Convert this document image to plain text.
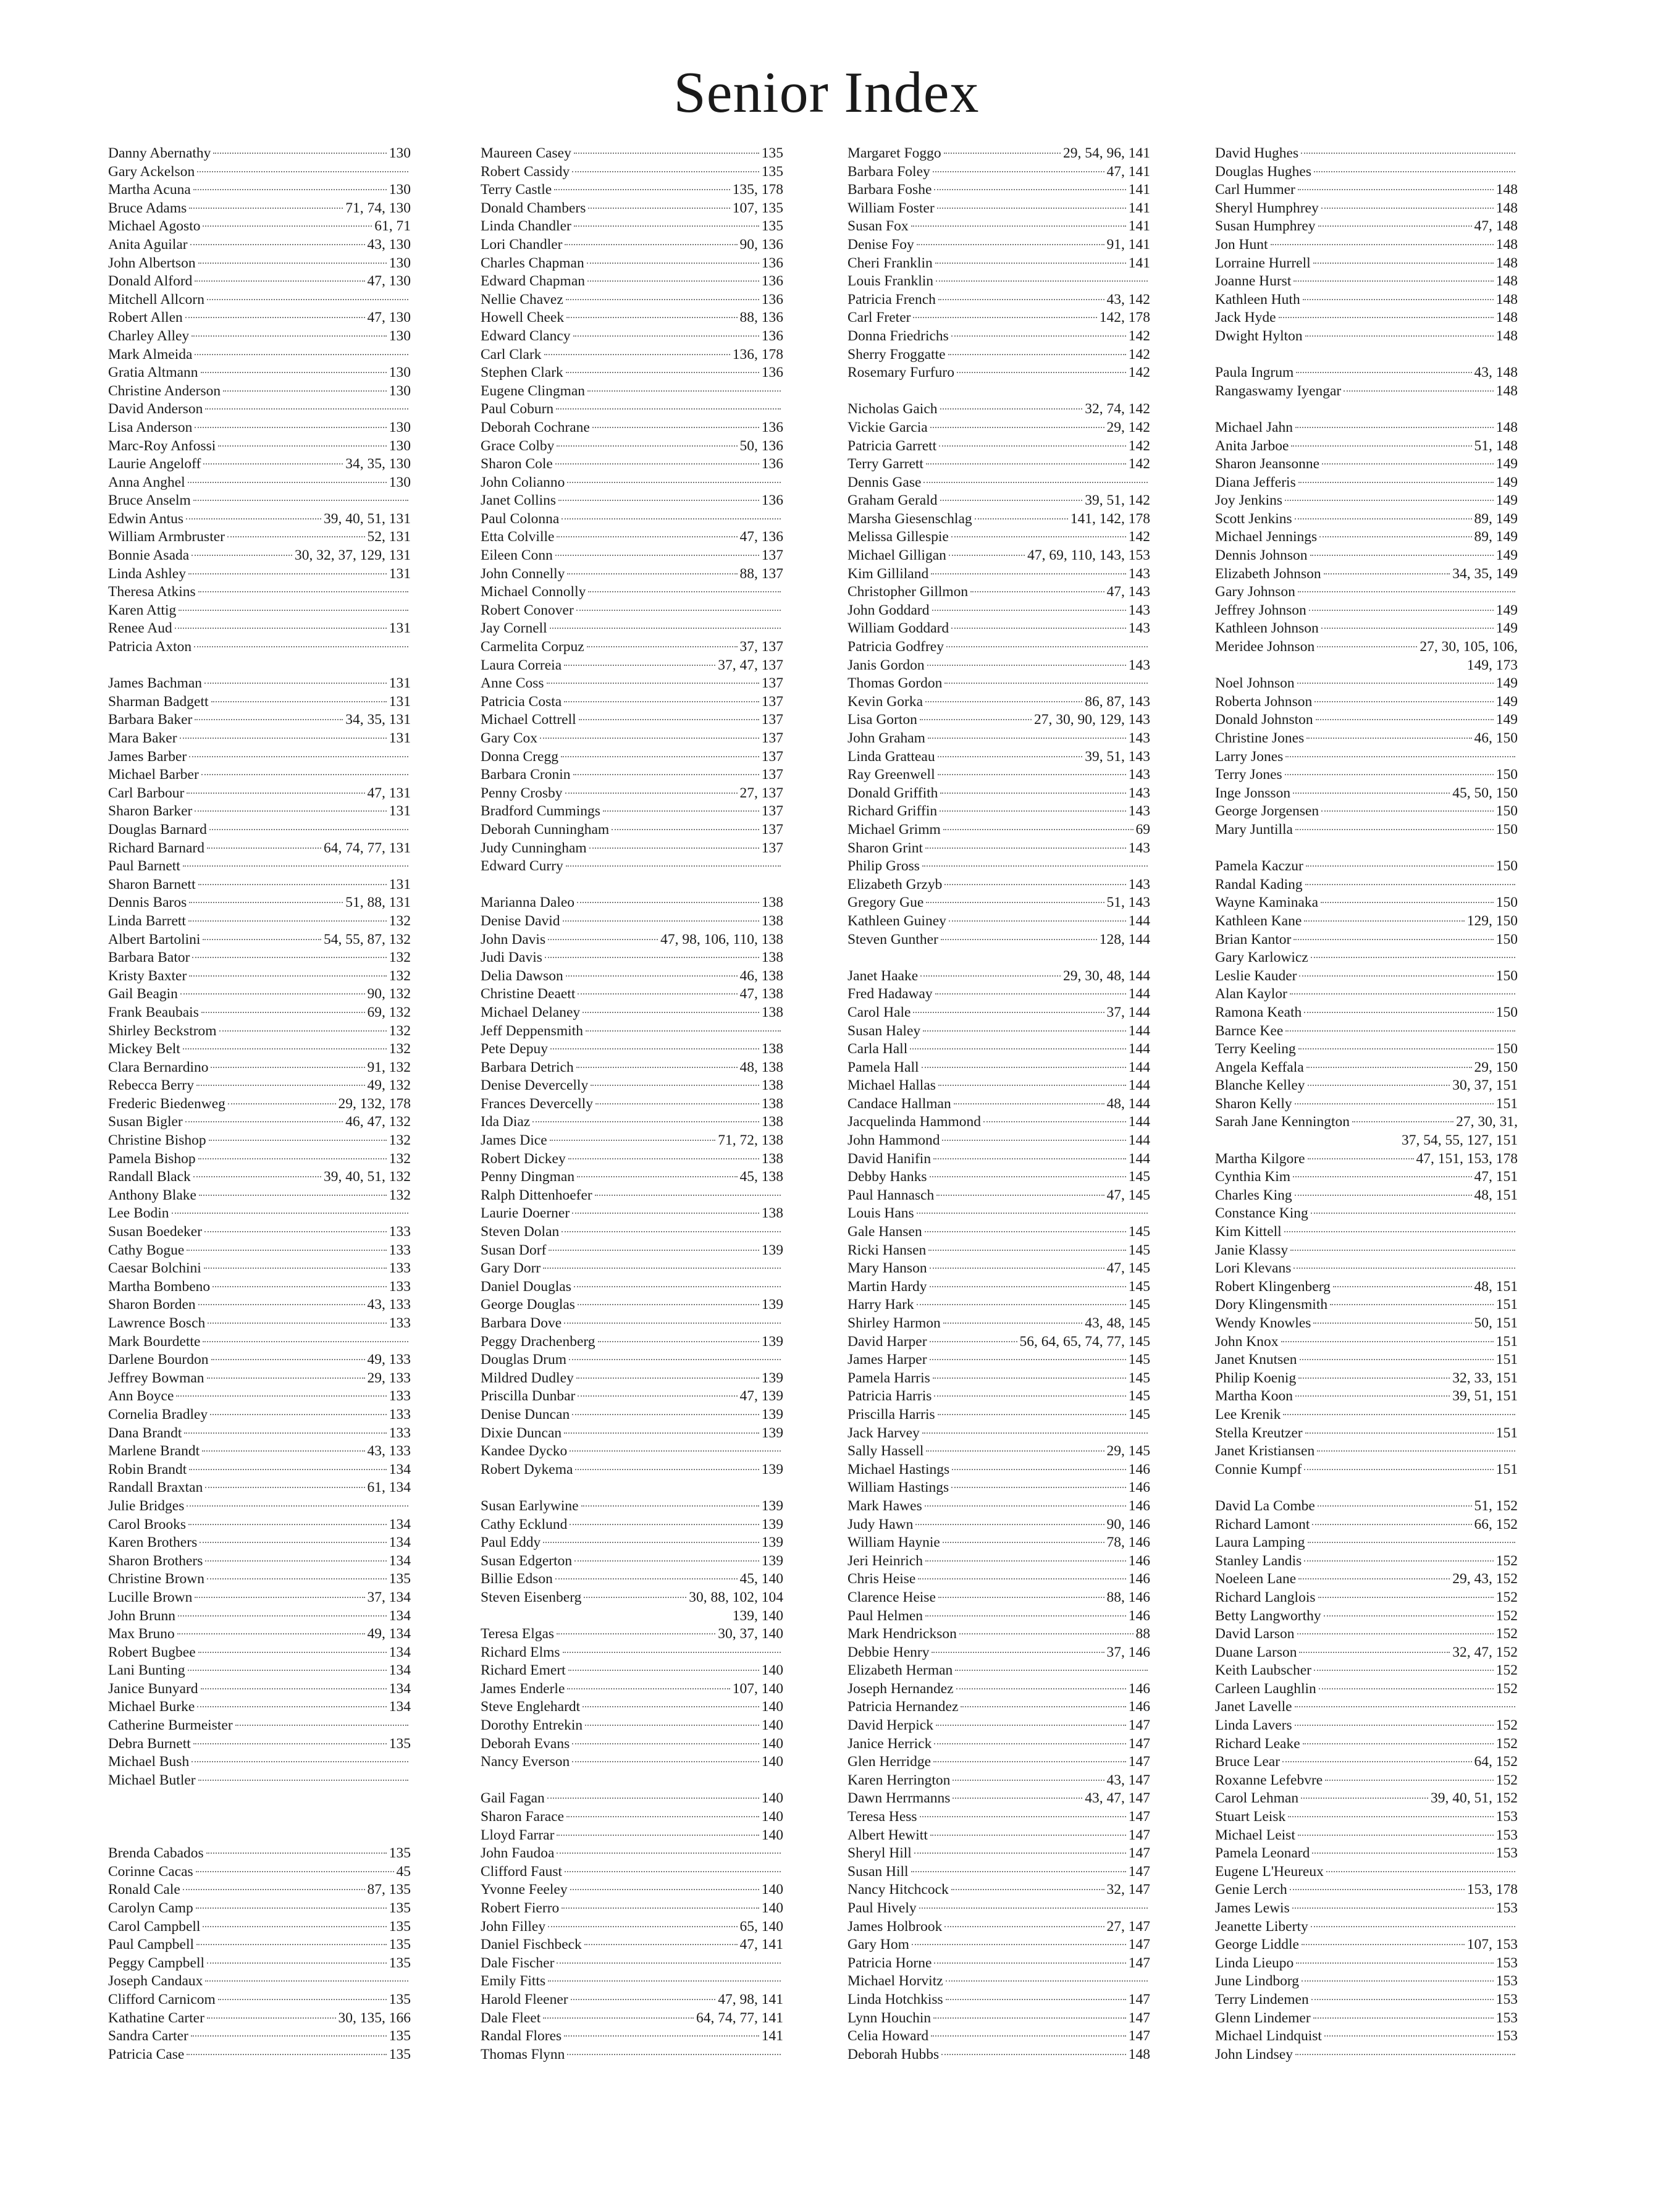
Senior Index
Danny Abernathy	130
Gary Ackelson
Martha Acuna	130
Bruce Adams	71, 74, 130
Michael Agosto	61, 71
Anita Aguilar	43, 130
John Albertson	130
Donald Alford	47, 130
Mitchell Allcorn
Robert Allen	47, 130
Charley Alley	130
Mark Almeida
Gratia Altmann	130
Christine Anderson	130
David Anderson
Lisa Anderson	130
Marc-Roy Anfossi	130
Laurie Angeloff	34, 35, 130
Anna Anghel	130
Bruce Anselm
Edwin Antus	39, 40, 51, 131
William Armbruster	52, 131
Bonnie Asada	30, 32, 37, 129, 131
Linda Ashley	131
Theresa Atkins
Karen Attig
Renee Aud	131
Patricia Axton
James Bachman	131
Sharman Badgett	131
Barbara Baker	34, 35, 131
Mara Baker	131
James Barber
Michael Barber
Carl Barbour	47, 131
Sharon Barker	131
Douglas Barnard
Richard Barnard	64, 74, 77, 131
Paul Barnett
Sharon Barnett	131
Dennis Baros	51, 88, 131
Linda Barrett	132
Albert Bartolini	54, 55, 87, 132
Barbara Bator	132
Kristy Baxter	132
Gail Beagin	90, 132
Frank Beaubais	69, 132
Shirley Beckstrom	132
Mickey Belt	132
Clara Bernardino	91, 132
Rebecca Berry	49, 132
Frederic Biedenweg	29, 132, 178
Susan Bigler	46, 47, 132
Christine Bishop	132
Pamela Bishop	132
Randall Black	39, 40, 51, 132
Anthony Blake	132
Lee Bodin
Susan Boedeker	133
Cathy Bogue	133
Caesar Bolchini	133
Martha Bombeno	133
Sharon Borden	43, 133
Lawrence Bosch	133
Mark Bourdette
Darlene Bourdon	49, 133
Jeffrey Bowman	29, 133
Ann Boyce	133
Cornelia Bradley	133
Dana Brandt	133
Marlene Brandt	43, 133
Robin Brandt	134
Randall Braxtan	61, 134
Julie Bridges
Carol Brooks	134
Karen Brothers	134
Sharon Brothers	134
Christine Brown	135
Lucille Brown	37, 134
John Brunn	134
Max Bruno	49, 134
Robert Bugbee	134
Lani Bunting	134
Janice Bunyard	134
Michael Burke	134
Catherine Burmeister
Debra Burnett	135
Michael Bush
Michael Butler
Brenda Cabados	135
Corinne Cacas	45
Ronald Cale	87, 135
Carolyn Camp	135
Carol Campbell	135
Paul Campbell	135
Peggy Campbell	135
Joseph Candaux
Clifford Carnicom	135
Kathatine Carter	30, 135, 166
Sandra Carter	135
Patricia Case	135
Maureen Casey	135
Robert Cassidy	135
Terry Castle	135, 178
Donald Chambers	107, 135
Linda Chandler	135
Lori Chandler	90, 136
Charles Chapman	136
Edward Chapman	136
Nellie Chavez	136
Howell Cheek	88, 136
Edward Clancy	136
Carl Clark	136, 178
Stephen Clark	136
Eugene Clingman
Paul Coburn
Deborah Cochrane	136
Grace Colby	50, 136
Sharon Cole	136
John Colianno
Janet Collins	136
Paul Colonna
Etta Colville	47, 136
Eileen Conn	137
John Connelly	88, 137
Michael Connolly
Robert Conover
Jay Cornell
Carmelita Corpuz	37, 137
Laura Correia	37, 47, 137
Anne Coss	137
Patricia Costa	137
Michael Cottrell	137
Gary Cox	137
Donna Cregg	137
Barbara Cronin	137
Penny Crosby	27, 137
Bradford Cummings	137
Deborah Cunningham	137
Judy Cunningham	137
Edward Curry
Marianna Daleo	138
Denise David	138
John Davis	47, 98, 106, 110, 138
Judi Davis	138
Delia Dawson	46, 138
Christine Deaett	47, 138
Michael Delaney	138
Jeff Deppensmith
Pete Depuy	138
Barbara Detrich	48, 138
Denise Devercelly	138
Frances Devercelly	138
Ida Diaz	138
James Dice	71, 72, 138
Robert Dickey	138
Penny Dingman	45, 138
Ralph Dittenhoefer
Laurie Doerner	138
Steven Dolan
Susan Dorf	139
Gary Dorr
Daniel Douglas
George Douglas	139
Barbara Dove
Peggy Drachenberg	139
Douglas Drum
Mildred Dudley	139
Priscilla Dunbar	47, 139
Denise Duncan	139
Dixie Duncan	139
Kandee Dycko
Robert Dykema	139
Susan Earlywine	139
Cathy Ecklund	139
Paul Eddy	139
Susan Edgerton	139
Billie Edson	45, 140
Steven Eisenberg	30, 88, 102, 104
139, 140
Teresa Elgas	30, 37, 140
Richard Elms
Richard Emert	140
James Enderle	107, 140
Steve Englehardt	140
Dorothy Entrekin	140
Deborah Evans	140
Nancy Everson	140
Gail Fagan	140
Sharon Farace	140
Lloyd Farrar	140
John Faudoa
Clifford Faust
Yvonne Feeley	140
Robert Fierro	140
John Filley	65, 140
Daniel Fischbeck	47, 141
Dale Fischer
Emily Fitts
Harold Fleener	47, 98, 141
Dale Fleet	64, 74, 77, 141
Randal Flores	141
Thomas Flynn
Margaret Foggo	29, 54, 96, 141
Barbara Foley	47, 141
Barbara Foshe	141
William Foster	141
Susan Fox	141
Denise Foy	91, 141
Cheri Franklin	141
Louis Franklin
Patricia French	43, 142
Carl Freter	142, 178
Donna Friedrichs	142
Sherry Froggatte	142
Rosemary Furfuro	142
Nicholas Gaich	32, 74, 142
Vickie Garcia	29, 142
Patricia Garrett	142
Terry Garrett	142
Dennis Gase
Graham Gerald	39, 51, 142
Marsha Giesenschlag	141, 142, 178
Melissa Gillespie	142
Michael Gilligan	47, 69, 110, 143, 153
Kim Gilliland	143
Christopher Gillmon	47, 143
John Goddard	143
William Goddard	143
Patricia Godfrey
Janis Gordon	143
Thomas Gordon
Kevin Gorka	86, 87, 143
Lisa Gorton	27, 30, 90, 129, 143
John Graham	143
Linda Gratteau	39, 51, 143
Ray Greenwell	143
Donald Griffith	143
Richard Griffin	143
Michael Grimm	69
Sharon Grint	143
Philip Gross
Elizabeth Grzyb	143
Gregory Gue	51, 143
Kathleen Guiney	144
Steven Gunther	128, 144
Janet Haake	29, 30, 48, 144
Fred Hadaway	144
Carol Hale	37, 144
Susan Haley	144
Carla Hall	144
Pamela Hall	144
Michael Hallas	144
Candace Hallman	48, 144
Jacquelinda Hammond	144
John Hammond	144
David Hanifin	144
Debby Hanks	145
Paul Hannasch	47, 145
Louis Hans
Gale Hansen	145
Ricki Hansen	145
Mary Hanson	47, 145
Martin Hardy	145
Harry Hark	145
Shirley Harmon	43, 48, 145
David Harper	56, 64, 65, 74, 77, 145
James Harper	145
Pamela Harris	145
Patricia Harris	145
Priscilla Harris	145
Jack Harvey
Sally Hassell	29, 145
Michael Hastings	146
William Hastings	146
Mark Hawes	146
Judy Hawn	90, 146
William Haynie	78, 146
Jeri Heinrich	146
Chris Heise	146
Clarence Heise	88, 146
Paul Helmen	146
Mark Hendrickson	88
Debbie Henry	37, 146
Elizabeth Herman
Joseph Hernandez	146
Patricia Hernandez	146
David Herpick	147
Janice Herrick	147
Glen Herridge	147
Karen Herrington	43, 147
Dawn Herrmanns	43, 47, 147
Teresa Hess	147
Albert Hewitt	147
Sheryl Hill	147
Susan Hill	147
Nancy Hitchcock	32, 147
Paul Hively
James Holbrook	27, 147
Gary Hom	147
Patricia Horne	147
Michael Horvitz
Linda Hotchkiss	147
Lynn Houchin	147
Celia Howard	147
Deborah Hubbs	148
David Hughes
Douglas Hughes
Carl Hummer	148
Sheryl Humphrey	148
Susan Humphrey	47, 148
Jon Hunt	148
Lorraine Hurrell	148
Joanne Hurst	148
Kathleen Huth	148
Jack Hyde	148
Dwight Hylton	148
Paula Ingrum	43, 148
Rangaswamy Iyengar	148
Michael Jahn	148
Anita Jarboe	51, 148
Sharon Jeansonne	149
Diana Jefferis	149
Joy Jenkins	149
Scott Jenkins	89, 149
Michael Jennings	89, 149
Dennis Johnson	149
Elizabeth Johnson	34, 35, 149
Gary Johnson
Jeffrey Johnson	149
Kathleen Johnson	149
Meridee Johnson	27, 30, 105, 106,
149, 173
Noel Johnson	149
Roberta Johnson	149
Donald Johnston	149
Christine Jones	46, 150
Larry Jones
Terry Jones	150
Inge Jonsson	45, 50, 150
George Jorgensen	150
Mary Juntilla	150
Pamela Kaczur	150
Randal Kading
Wayne Kaminaka	150
Kathleen Kane	129, 150
Brian Kantor	150
Gary Karlowicz
Leslie Kauder	150
Alan Kaylor
Ramona Keath	150
Barnce Kee
Terry Keeling	150
Angela Keffala	29, 150
Blanche Kelley	30, 37, 151
Sharon Kelly	151
Sarah Jane Kennington	27, 30, 31,
37, 54, 55, 127, 151
Martha Kilgore	47, 151, 153, 178
Cynthia Kim	47, 151
Charles King	48, 151
Constance King
Kim Kittell
Janie Klassy
Lori Klevans
Robert Klingenberg	48, 151
Dory Klingensmith	151
Wendy Knowles	50, 151
John Knox	151
Janet Knutsen	151
Philip Koenig	32, 33, 151
Martha Koon	39, 51, 151
Lee Krenik
Stella Kreutzer	151
Janet Kristiansen
Connie Kumpf	151
David La Combe	51, 152
Richard Lamont	66, 152
Laura Lamping
Stanley Landis	152
Noeleen Lane	29, 43, 152
Richard Langlois	152
Betty Langworthy	152
David Larson	152
Duane Larson	32, 47, 152
Keith Laubscher	152
Carleen Laughlin	152
Janet Lavelle
Linda Lavers	152
Richard Leake	152
Bruce Lear	64, 152
Roxanne Lefebvre	152
Carol Lehman	39, 40, 51, 152
Stuart Leisk	153
Michael Leist	153
Pamela Leonard	153
Eugene L'Heureux
Genie Lerch	153, 178
James Lewis	153
Jeanette Liberty
George Liddle	107, 153
Linda Lieupo	153
June Lindborg	153
Terry Lindemen	153
Glenn Lindemer	153
Michael Lindquist	153
John Lindsey
